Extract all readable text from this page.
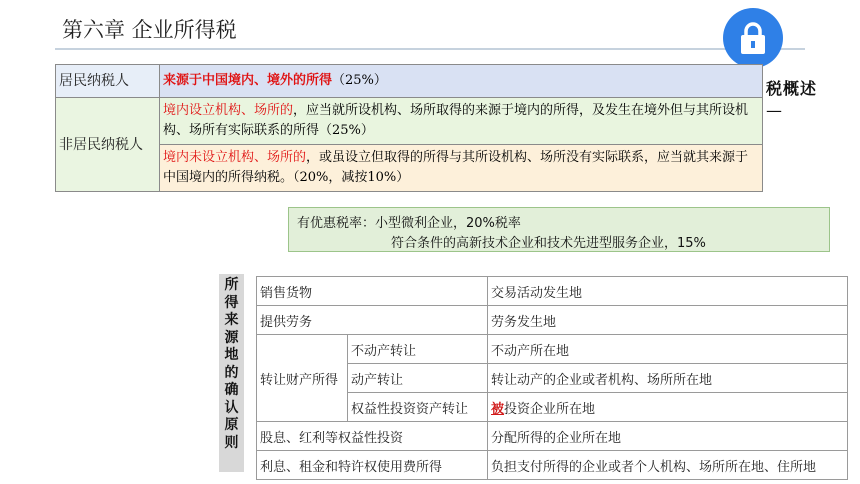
第六章 企业所得税
税概述
—
居民纳税人	来源于中国境内、境外的所得（25%）
非居民纳税人	境内设立机构、场所的，应当就所设机构、场所取得的来源于境内的所得，及发生在境外但与其所设机构、场所有实际联系的所得（25%）
	境内未设立机构、场所的，或虽设立但取得的所得与其所设机构、场所没有实际联系，应当就其来源于中国境内的所得纳税。（20%，减按10%）
有优惠税率：小型微利企业，20%税率
符合条件的高新技术企业和技术先进型服务企业，15%
所得来源地的确认原则
销售货物		交易活动发生地
提供劳务		劳务发生地
转让财产所得	不动产转让	不动产所在地
	动产转让	转让动产的企业或者机构、场所所在地
	权益性投资资产转让	被投资企业所在地
股息、红利等权益性投资		分配所得的企业所在地
利息、租金和特许权使用费所得		负担支付所得的企业或者个人机构、场所所在地、住所地
